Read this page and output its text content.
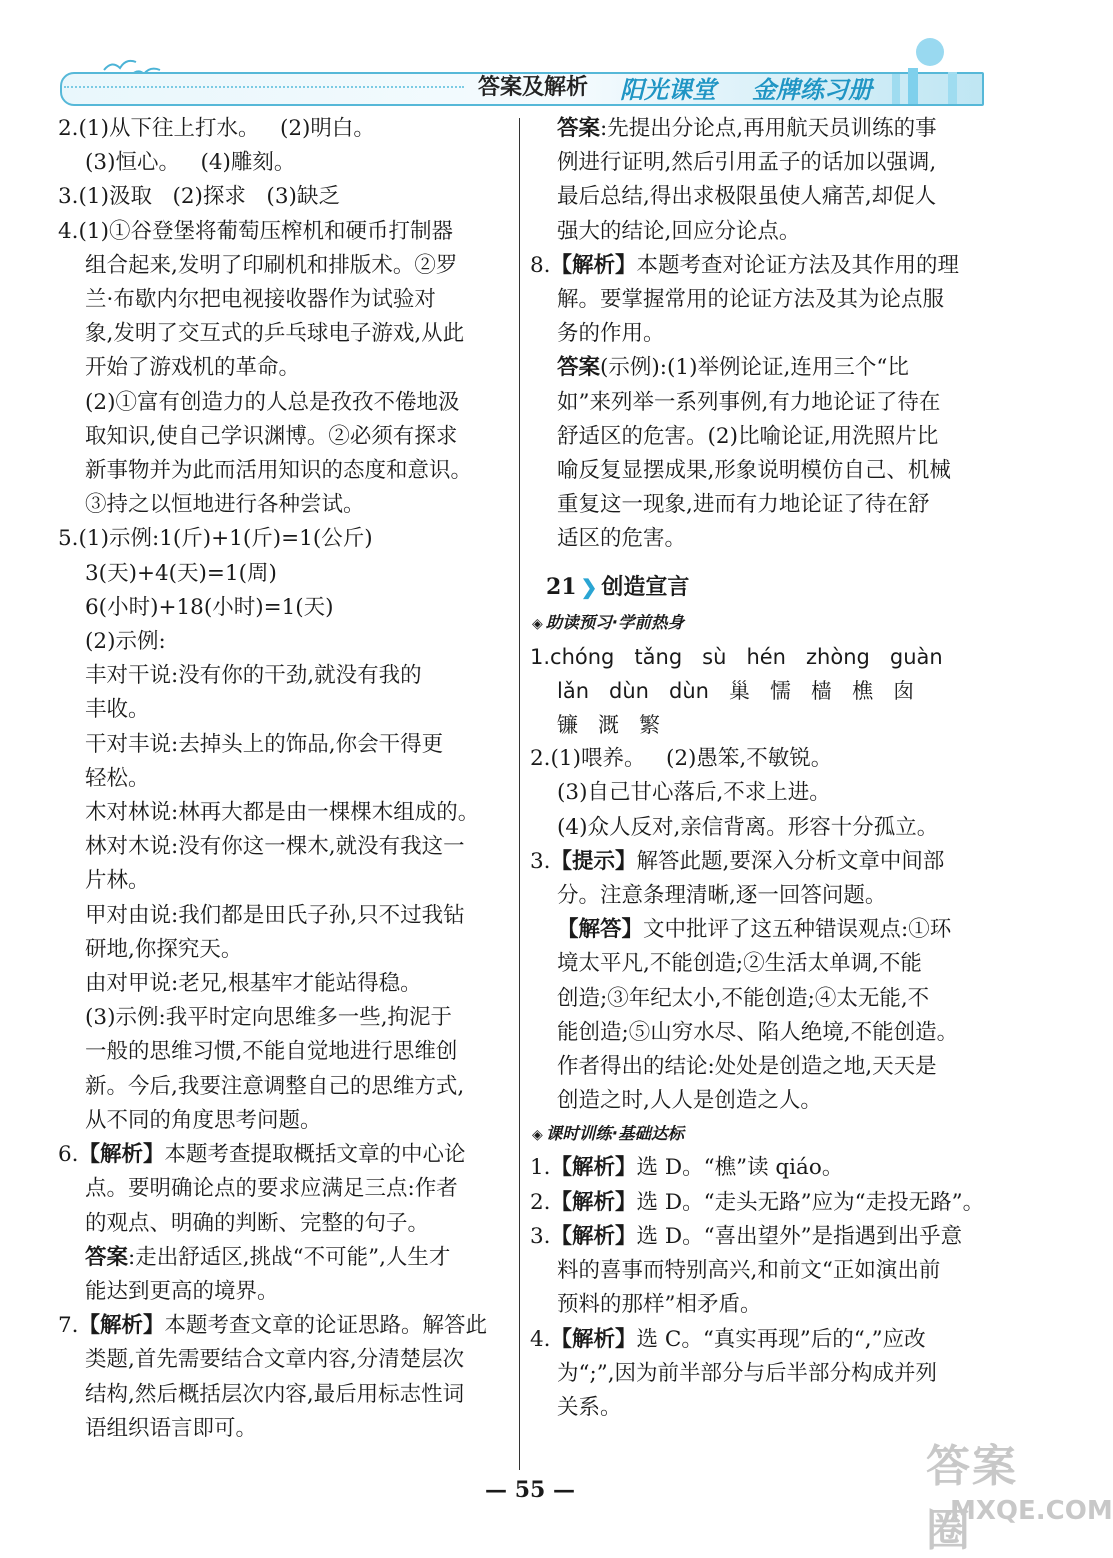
答案及解析 阳光课堂 金牌练习册
2.(1)从下往上打水。   (2)明白。
(3)恒心。   (4)雕刻。
3.(1)汲取   (2)探求   (3)缺乏
4.(1)①谷登堡将葡萄压榨机和硬币打制器
组合起来,发明了印刷机和排版术。②罗
兰·布歇内尔把电视接收器作为试验对
象,发明了交互式的乒乓球电子游戏,从此
开始了游戏机的革命。
(2)①富有创造力的人总是孜孜不倦地汲
取知识,使自己学识渊博。②必须有探求
新事物并为此而活用知识的态度和意识。
③持之以恒地进行各种尝试。
5.(1)示例:1(斤)+1(斤)=1(公斤)
3(天)+4(天)=1(周)
6(小时)+18(小时)=1(天)
(2)示例:
丰对干说:没有你的干劲,就没有我的
丰收。
干对丰说:去掉头上的饰品,你会干得更
轻松。
木对林说:林再大都是由一棵棵木组成的。
林对木说:没有你这一棵木,就没有我这一
片林。
甲对由说:我们都是田氏子孙,只不过我钻
研地,你探究天。
由对甲说:老兄,根基牢才能站得稳。
(3)示例:我平时定向思维多一些,拘泥于
一般的思维习惯,不能自觉地进行思维创
新。今后,我要注意调整自己的思维方式,
从不同的角度思考问题。
6.【解析】本题考查提取概括文章的中心论
点。要明确论点的要求应满足三点:作者
的观点、明确的判断、完整的句子。
答案:走出舒适区,挑战“不可能”,人生才
能达到更高的境界。
7.【解析】本题考查文章的论证思路。解答此
类题,首先需要结合文章内容,分清楚层次
结构,然后概括层次内容,最后用标志性词
语组织语言即可。
答案:先提出分论点,再用航天员训练的事
例进行证明,然后引用孟子的话加以强调,
最后总结,得出求极限虽使人痛苦,却促人
强大的结论,回应分论点。
8.【解析】本题考查对论证方法及其作用的理
解。要掌握常用的论证方法及其为论点服
务的作用。
答案(示例):(1)举例论证,连用三个“比
如”来列举一系列事例,有力地论证了待在
舒适区的危害。(2)比喻论证,用洗照片比
喻反复显摆成果,形象说明模仿自己、机械
重复这一现象,进而有力地论证了待在舒
适区的危害。
21 ❯ 创造宣言
◈ 助读预习·学前热身
1.chóng   tǎng   sù   hén   zhòng   guàn
lǎn   dùn   dùn   巢   懦   樯   樵   囱
镰   溉   繁
2.(1)喂养。   (2)愚笨,不敏锐。
(3)自己甘心落后,不求上进。
(4)众人反对,亲信背离。形容十分孤立。
3.【提示】解答此题,要深入分析文章中间部
分。注意条理清晰,逐一回答问题。
【解答】文中批评了这五种错误观点:①环
境太平凡,不能创造;②生活太单调,不能
创造;③年纪太小,不能创造;④太无能,不
能创造;⑤山穷水尽、陷人绝境,不能创造。
作者得出的结论:处处是创造之地,天天是
创造之时,人人是创造之人。
◈ 课时训练·基础达标
1.【解析】选 D。“樵”读 qiáo。
2.【解析】选 D。“走头无路”应为“走投无路”。
3.【解析】选 D。“喜出望外”是指遇到出乎意
料的喜事而特别高兴,和前文“正如演出前
预料的那样”相矛盾。
4.【解析】选 C。“真实再现”后的“,”应改
为“;”,因为前半部分与后半部分构成并列
关系。
— 55 —	答案圈
MXQE.COM
